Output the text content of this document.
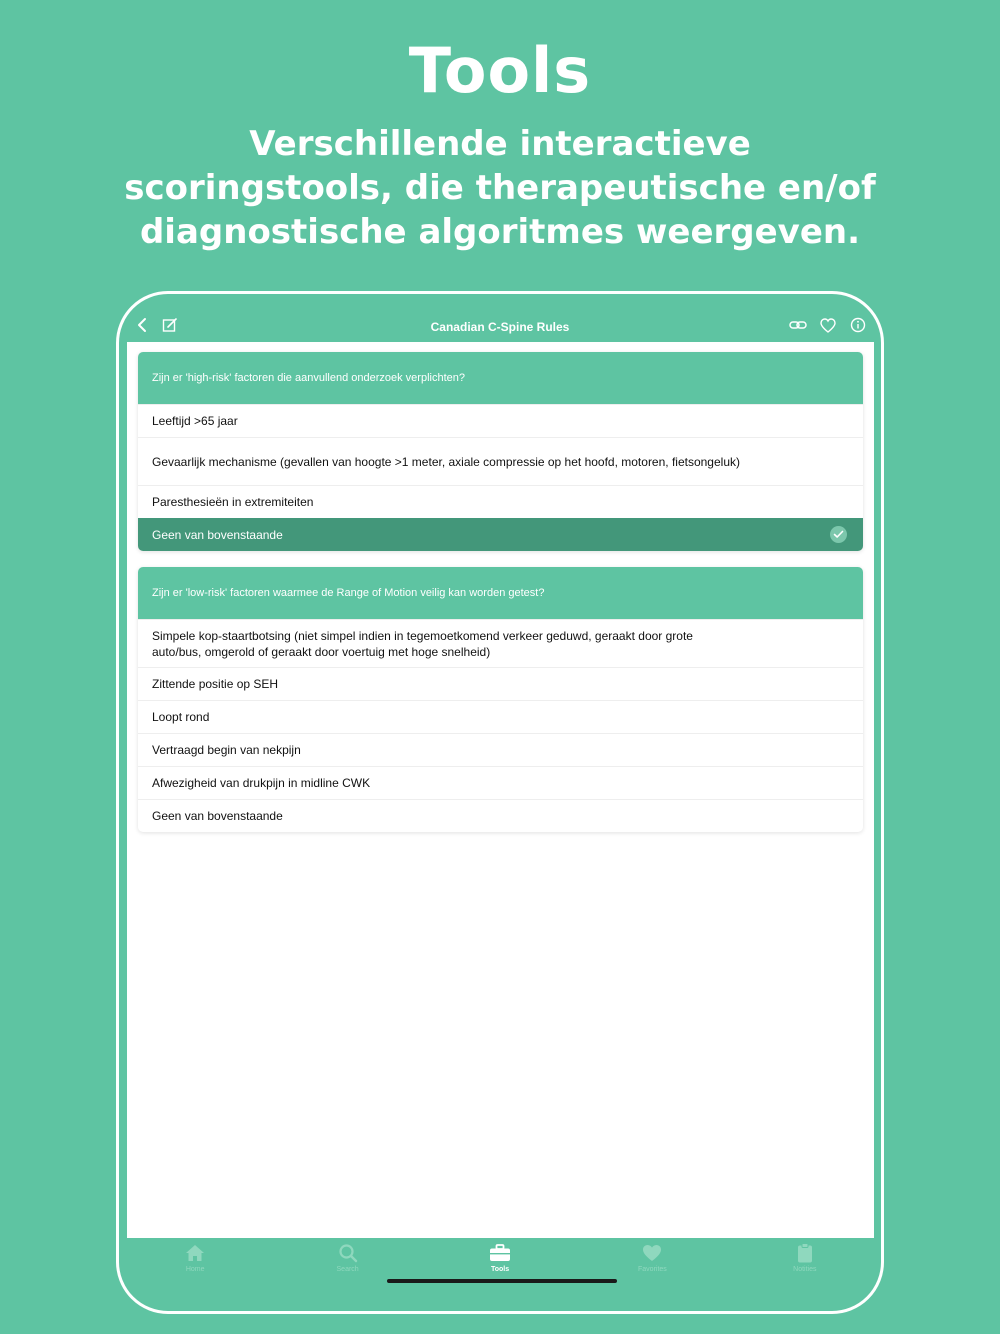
Tools
Verschillende interactieve scoringstools, die therapeutische en/of diagnostische algoritmes weergeven.
Canadian C-Spine Rules
Zijn er 'high-risk' factoren die aanvullend onderzoek verplichten?
Leeftijd >65 jaar
Gevaarlijk mechanisme (gevallen van hoogte >1 meter, axiale compressie op het hoofd, motoren, fietsongeluk)
Paresthesieën in extremiteiten
Geen van bovenstaande
Zijn er 'low-risk' factoren waarmee de Range of Motion veilig kan worden getest?
Simpele kop-staartbotsing (niet simpel indien in tegemoetkomend verkeer geduwd, geraakt door grote auto/bus, omgerold of geraakt door voertuig met hoge snelheid)
Zittende positie op SEH
Loopt rond
Vertraagd begin van nekpijn
Afwezigheid van drukpijn in midline CWK
Geen van bovenstaande
Home	Search	Tools	Favorites	Notities
